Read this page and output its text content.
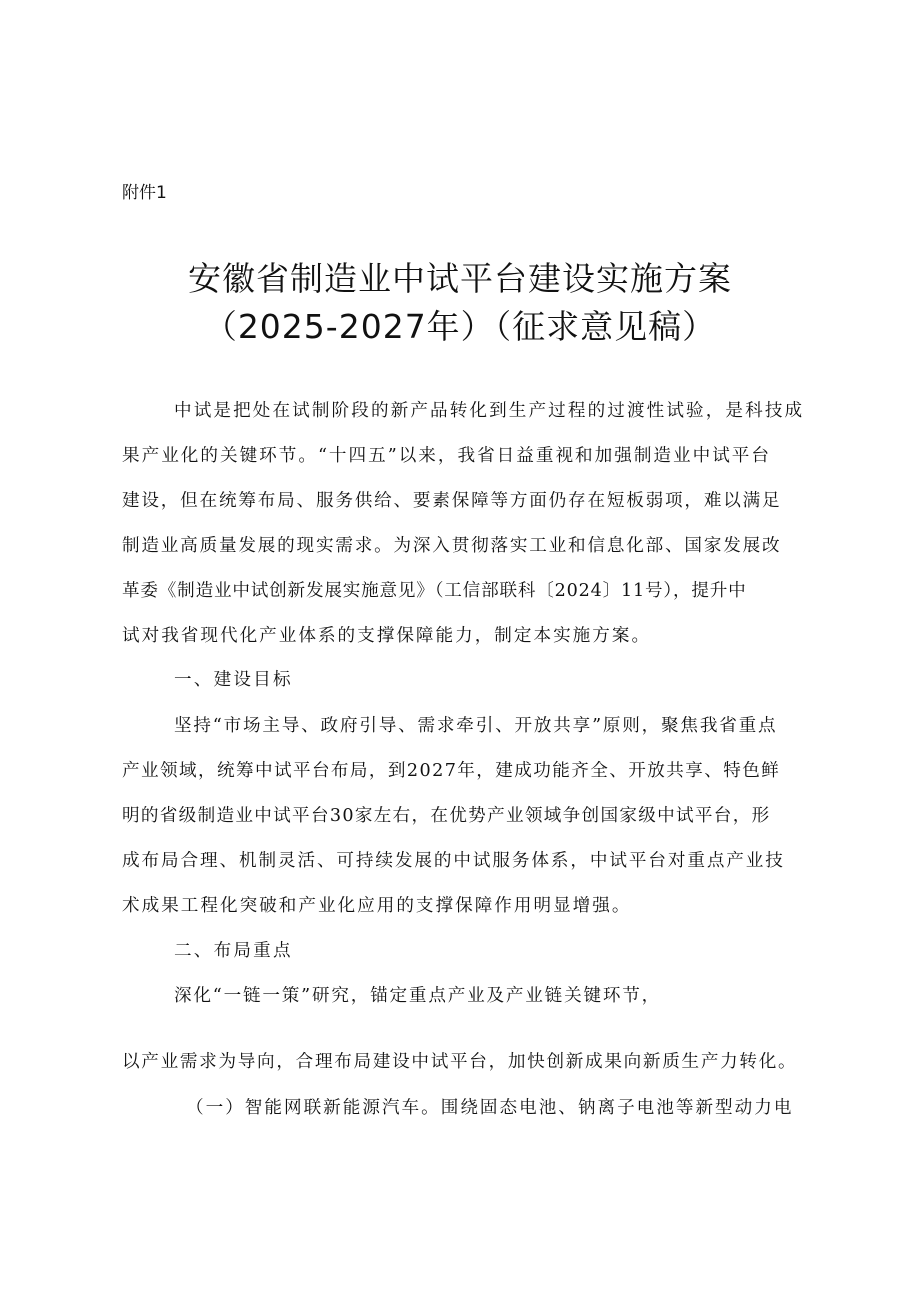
附件1
安徽省制造业中试平台建设实施方案
（2025-2027年）（征求意见稿）
中试是把处在试制阶段的新产品转化到生产过程的过渡性试验，是科技成
果产业化的关键环节。“十四五”以来，我省日益重视和加强制造业中试平台
建设，但在统筹布局、服务供给、要素保障等方面仍存在短板弱项，难以满足
制造业高质量发展的现实需求。为深入贯彻落实工业和信息化部、国家发展改
革委《制造业中试创新发展实施意见》（工信部联科〔2024〕11号），提升中
试对我省现代化产业体系的支撑保障能力，制定本实施方案。
一、建设目标
坚持“市场主导、政府引导、需求牵引、开放共享”原则，聚焦我省重点
产业领域，统筹中试平台布局，到2027年，建成功能齐全、开放共享、特色鲜
明的省级制造业中试平台30家左右，在优势产业领域争创国家级中试平台，形
成布局合理、机制灵活、可持续发展的中试服务体系，中试平台对重点产业技
术成果工程化突破和产业化应用的支撑保障作用明显增强。
二、布局重点
深化“一链一策”研究，锚定重点产业及产业链关键环节，
以产业需求为导向，合理布局建设中试平台，加快创新成果向新质生产力转化。
（一）智能网联新能源汽车。围绕固态电池、钠离子电池等新型动力电
